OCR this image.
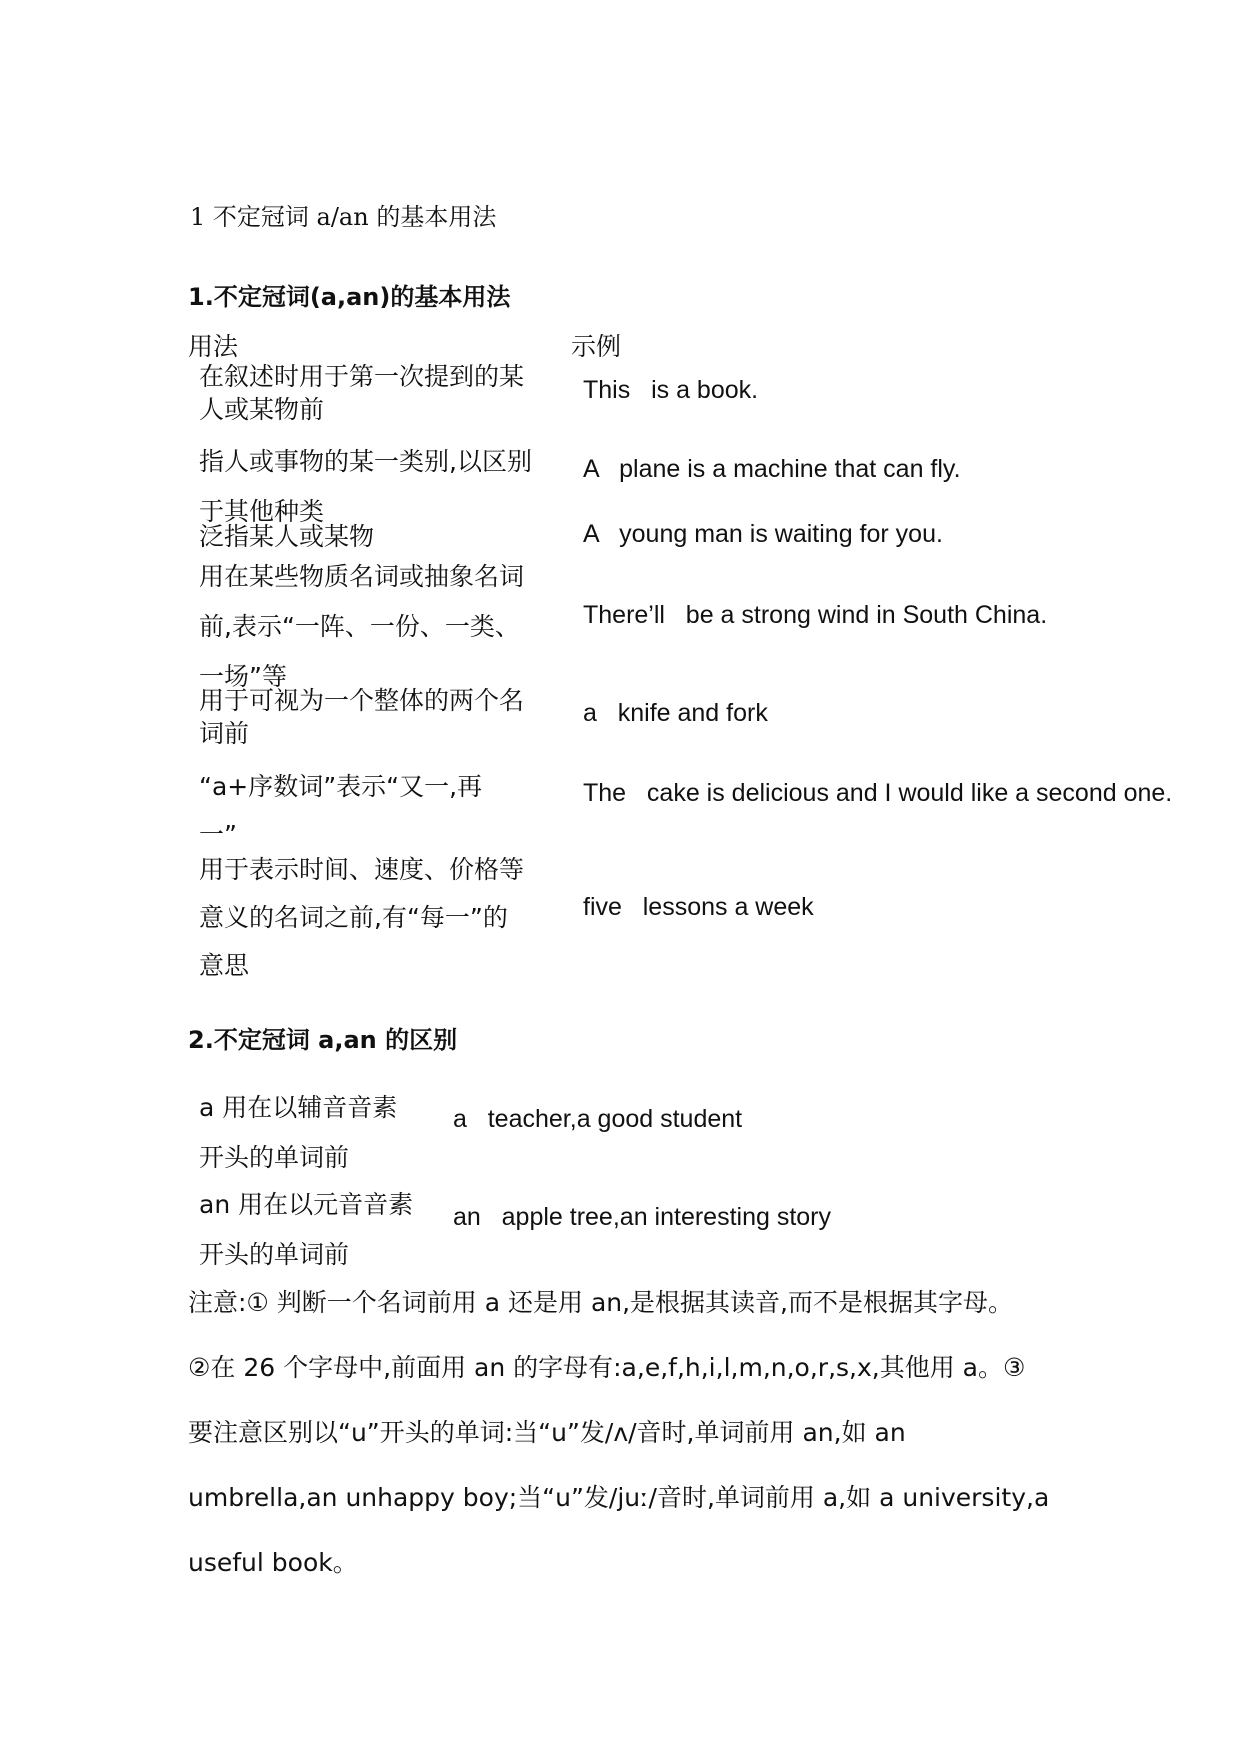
1 不定冠词 a/an 的基本用法
1.不定冠词(a,an)的基本用法
用法	示例
在叙述时用于第一次提到的某
人或某物前
This   is a book.
指人或事物的某一类别,以区别
于其他种类
A   plane is a machine that can fly.
泛指某人或某物	A   young man is waiting for you.
用在某些物质名词或抽象名词
前,表示“一阵、一份、一类、
一场”等
There’ll   be a strong wind in South China.
用于可视为一个整体的两个名
词前
a   knife and fork
“a+序数词”表示“又一,再
一”
The   cake is delicious and I would like a second one.
用于表示时间、速度、价格等
意义的名词之前,有“每一”的
意思
five   lessons a week
2.不定冠词 a,an 的区别
a 用在以辅音音素
开头的单词前
a   teacher,a good student
an 用在以元音音素
开头的单词前
an   apple tree,an interesting story
注意:① 判断一个名词前用 a 还是用 an,是根据其读音,而不是根据其字母。
②在 26 个字母中,前面用 an 的字母有:a,e,f,h,i,l,m,n,o,r,s,x,其他用 a。③
要注意区别以“u”开头的单词:当“u”发/ʌ/音时,单词前用 an,如 an
umbrella,an unhappy boy;当“u”发/juː/音时,单词前用 a,如 a university,a
useful book。
